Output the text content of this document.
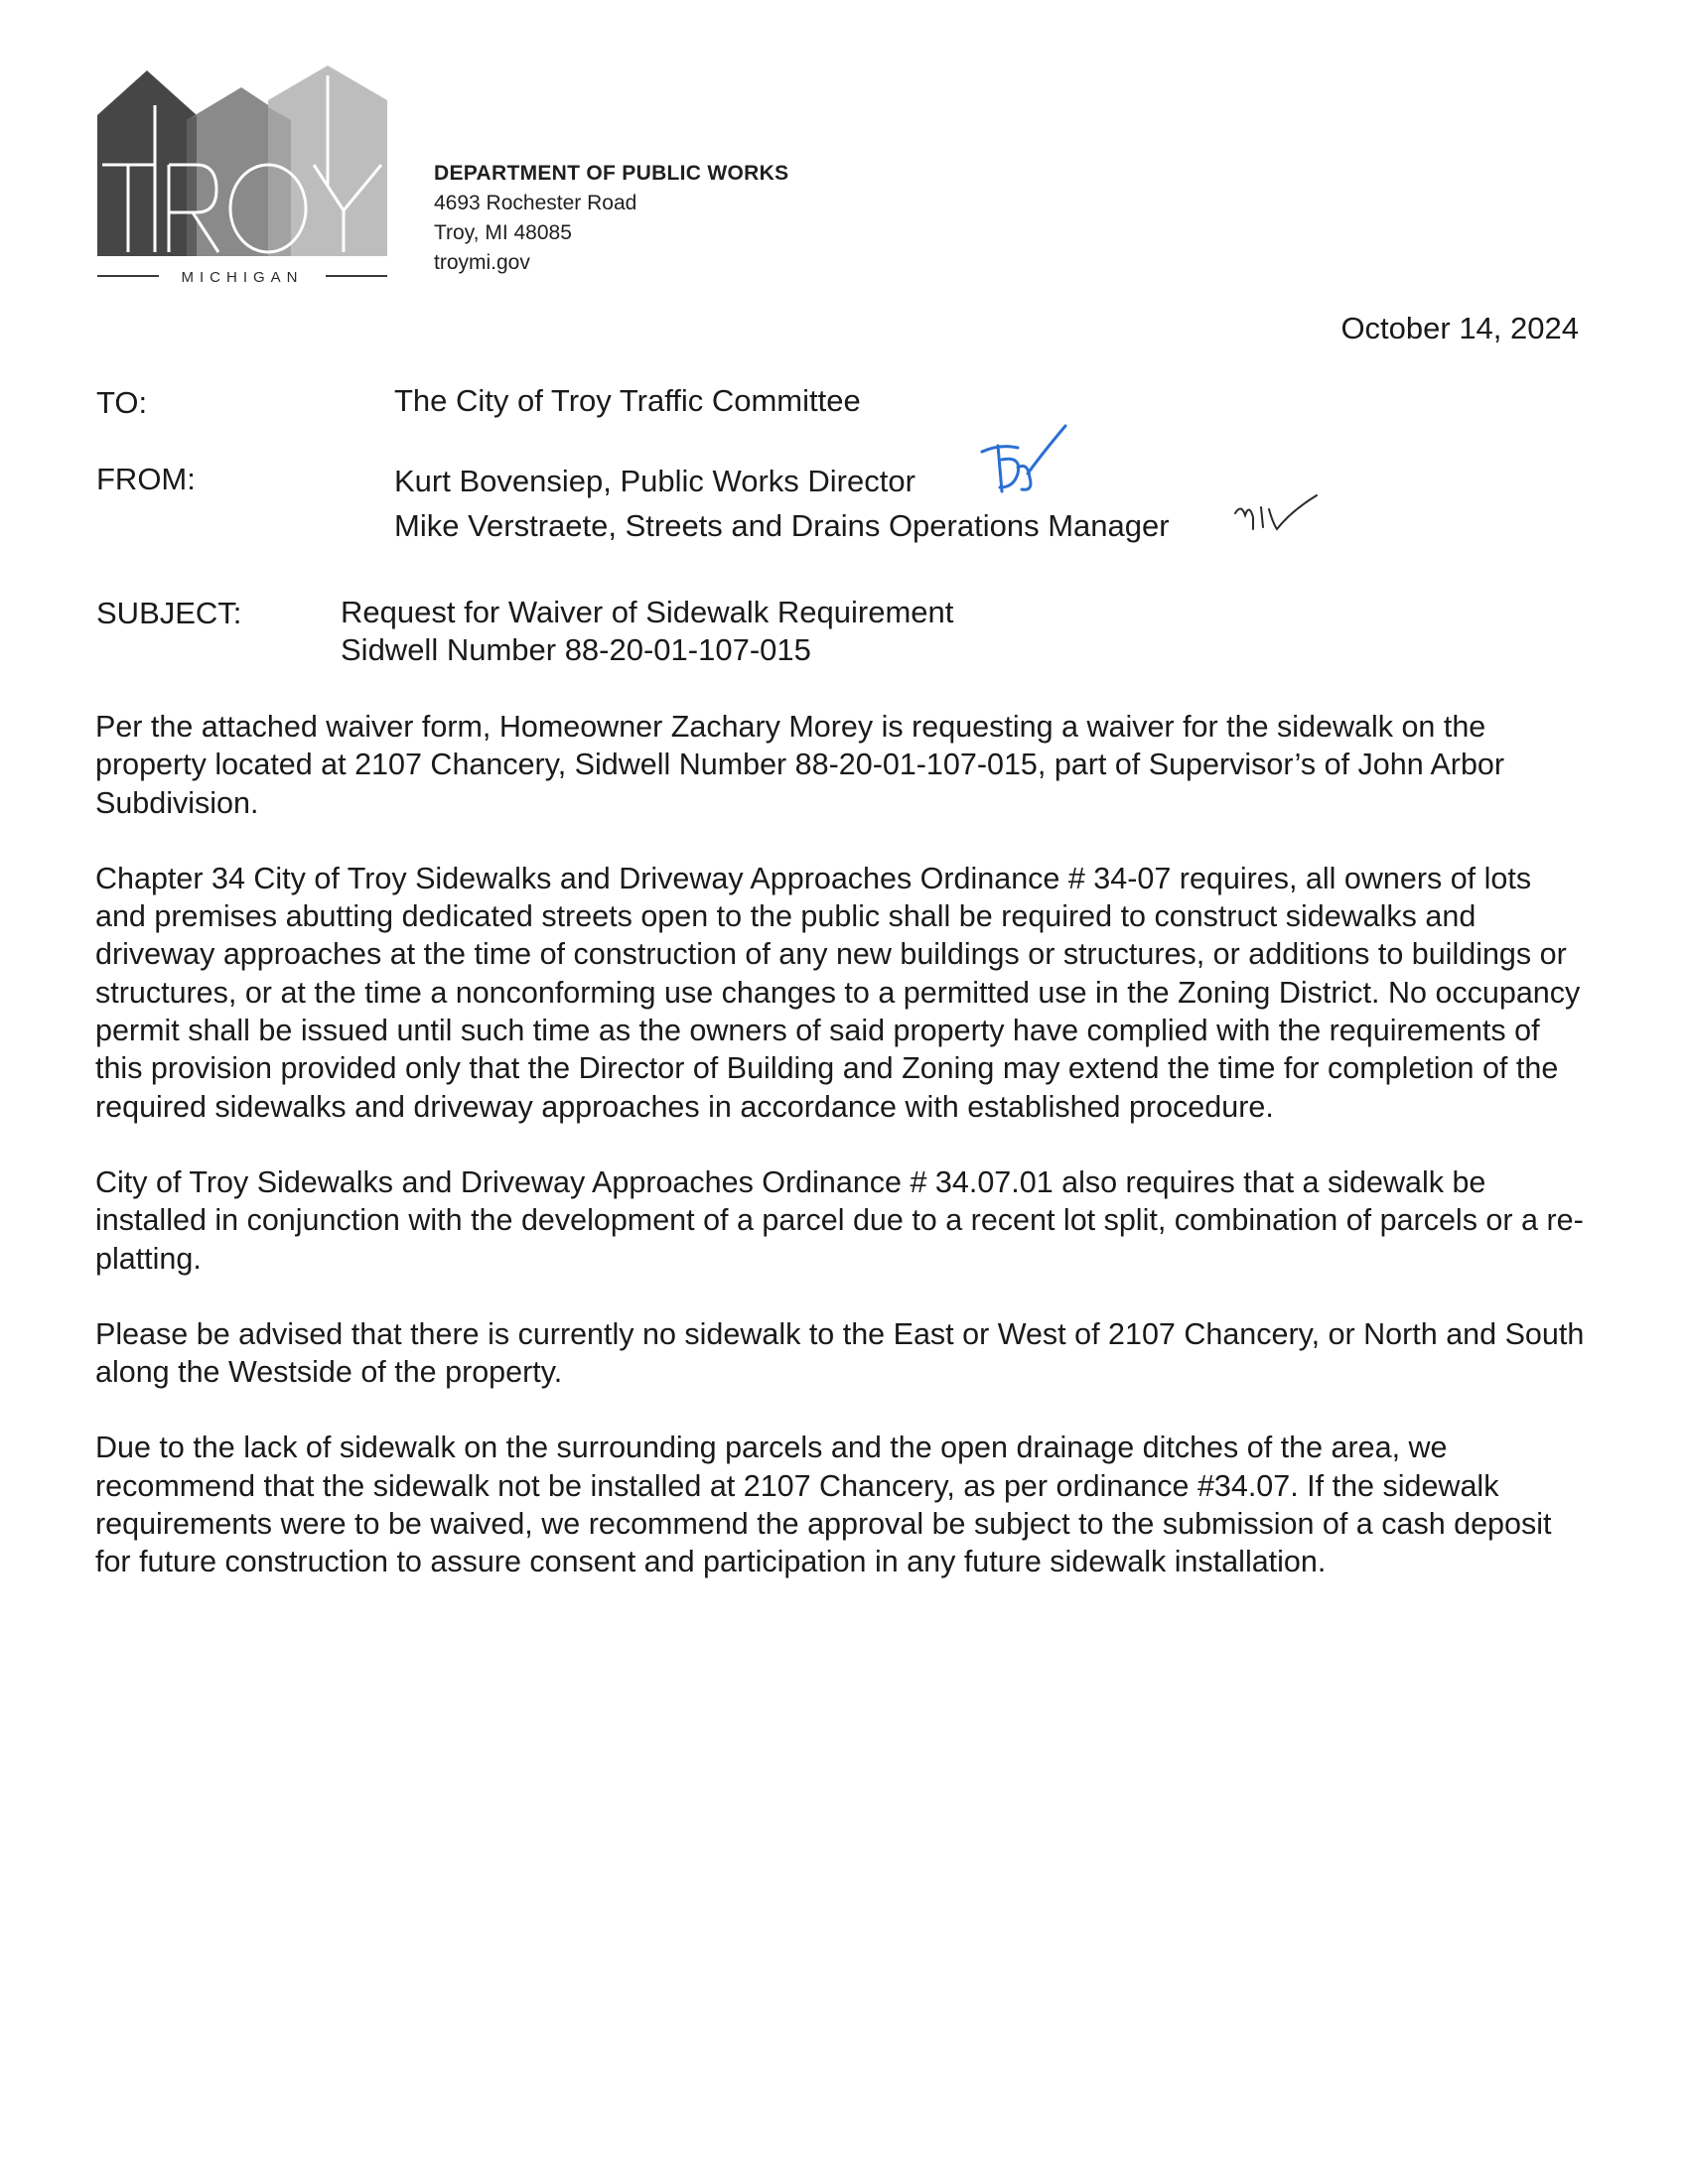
MICHIGAN
DEPARTMENT OF PUBLIC WORKS
4693 Rochester Road
Troy, MI 48085
troymi.gov
October 14, 2024
TO:	The City of Troy Traffic Committee
FROM:	Kurt Bovensiep, Public Works Director
Mike Verstraete, Streets and Drains Operations Manager
SUBJECT:	Request for Waiver of Sidewalk Requirement
Sidwell Number 88-20-01-107-015

Per the attached waiver form, Homeowner Zachary Morey is requesting a waiver for the sidewalk on the property located at 2107 Chancery, Sidwell Number 88-20-01-107-015, part of Supervisor’s of John Arbor Subdivision.

Chapter 34 City of Troy Sidewalks and Driveway Approaches Ordinance # 34-07 requires, all owners of lots and premises abutting dedicated streets open to the public shall be required to construct sidewalks and driveway approaches at the time of construction of any new buildings or structures, or additions to buildings or structures, or at the time a nonconforming use changes to a permitted use in the Zoning District. No occupancy permit shall be issued until such time as the owners of said property have complied with the requirements of this provision provided only that the Director of Building and Zoning may extend the time for completion of the required sidewalks and driveway approaches in accordance with established procedure.

City of Troy Sidewalks and Driveway Approaches Ordinance # 34.07.01 also requires that a sidewalk be installed in conjunction with the development of a parcel due to a recent lot split, combination of parcels or a re-platting.

Please be advised that there is currently no sidewalk to the East or West of 2107 Chancery, or North and South along the Westside of the property.

Due to the lack of sidewalk on the surrounding parcels and the open drainage ditches of the area, we recommend that the sidewalk not be installed at 2107 Chancery, as per ordinance #34.07. If the sidewalk requirements were to be waived, we recommend the approval be subject to the submission of a cash deposit for future construction to assure consent and participation in any future sidewalk installation.
